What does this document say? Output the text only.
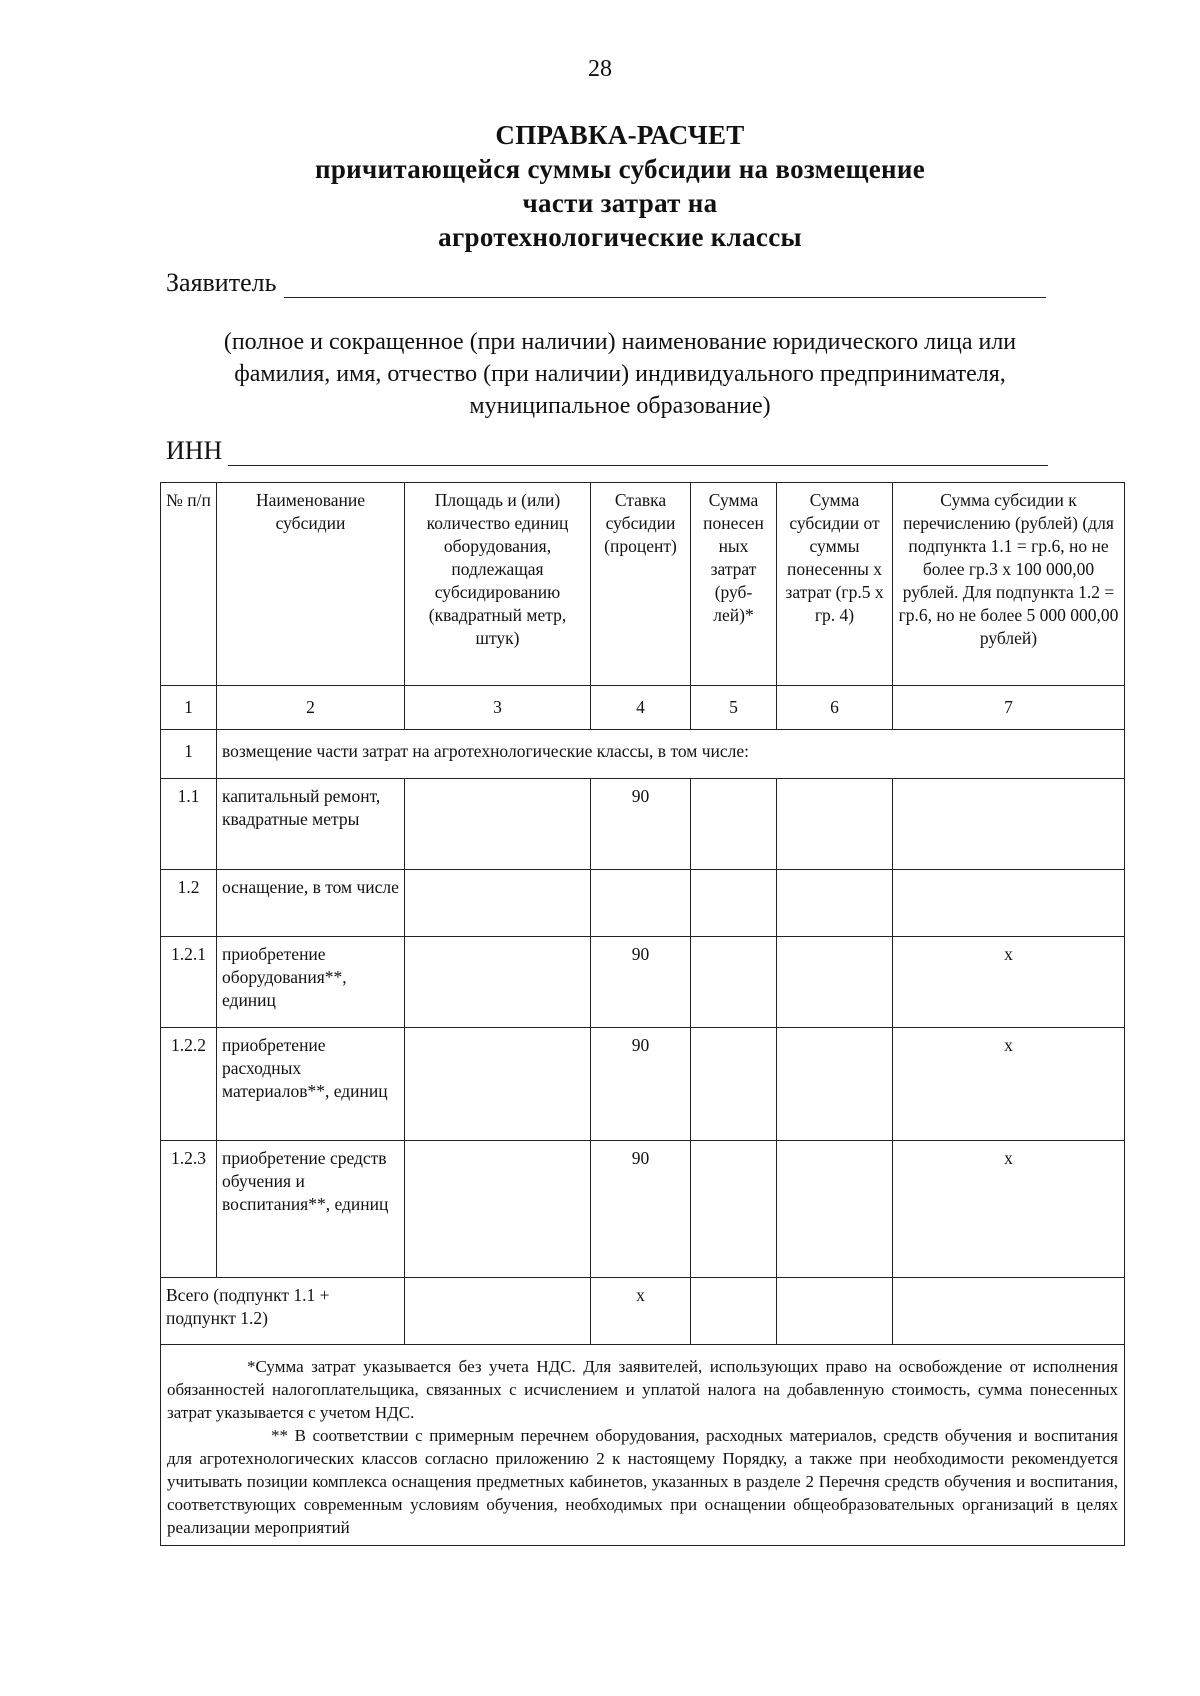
28
СПРАВКА-РАСЧЕТ
причитающейся суммы субсидии на возмещение
части затрат на
агротехнологические классы
Заявитель
(полное и сокращенное (при наличии) наименование юридического лица или фамилия, имя, отчество (при наличии) индивидуального предпринимателя, муниципальное образование)
ИНН
№ п/п	Наименование субсидии	Площадь и (или) количество единиц оборудования, подлежащая субсидированию (квадратный метр, штук)	Ставка субсидии (процент)	Сумма понесен ных затрат (руб-лей)*	Сумма субсидии от суммы понесенны х затрат (гр.5 х гр. 4)	Сумма субсидии к перечислению (рублей) (для подпункта 1.1 = гр.6, но не более гр.3 х 100 000,00 рублей. Для подпункта 1.2 = гр.6, но не более 5 000 000,00 рублей)
1	2	3	4	5	6	7
1	возмещение части затрат на агротехнологические классы, в том числе:					
1.1	капитальный ремонт, квадратные метры		90			
1.2	оснащение, в том числе					
1.2.1	приобретение оборудования**, единиц		90			х
1.2.2	приобретение расходных материалов**, единиц		90			х
1.2.3	приобретение средств обучения и воспитания**, единиц		90			х
Всего (подпункт 1.1 + подпункт 1.2)			х			

*Сумма затрат указывается без учета НДС. Для заявителей, использующих право на освобождение от исполнения обязанностей налогоплательщика, связанных с исчислением и уплатой налога на добавленную стоимость, сумма понесенных затрат указывается с учетом НДС.
** В соответствии с примерным перечнем оборудования, расходных материалов, средств обучения и воспитания для агротехнологических классов согласно приложению 2 к настоящему Порядку, а также при необходимости рекомендуется учитывать позиции комплекса оснащения предметных кабинетов, указанных в разделе 2 Перечня средств обучения и воспитания, соответствующих современным условиям обучения, необходимых при оснащении общеобразовательных организаций в целях реализации мероприятий						
